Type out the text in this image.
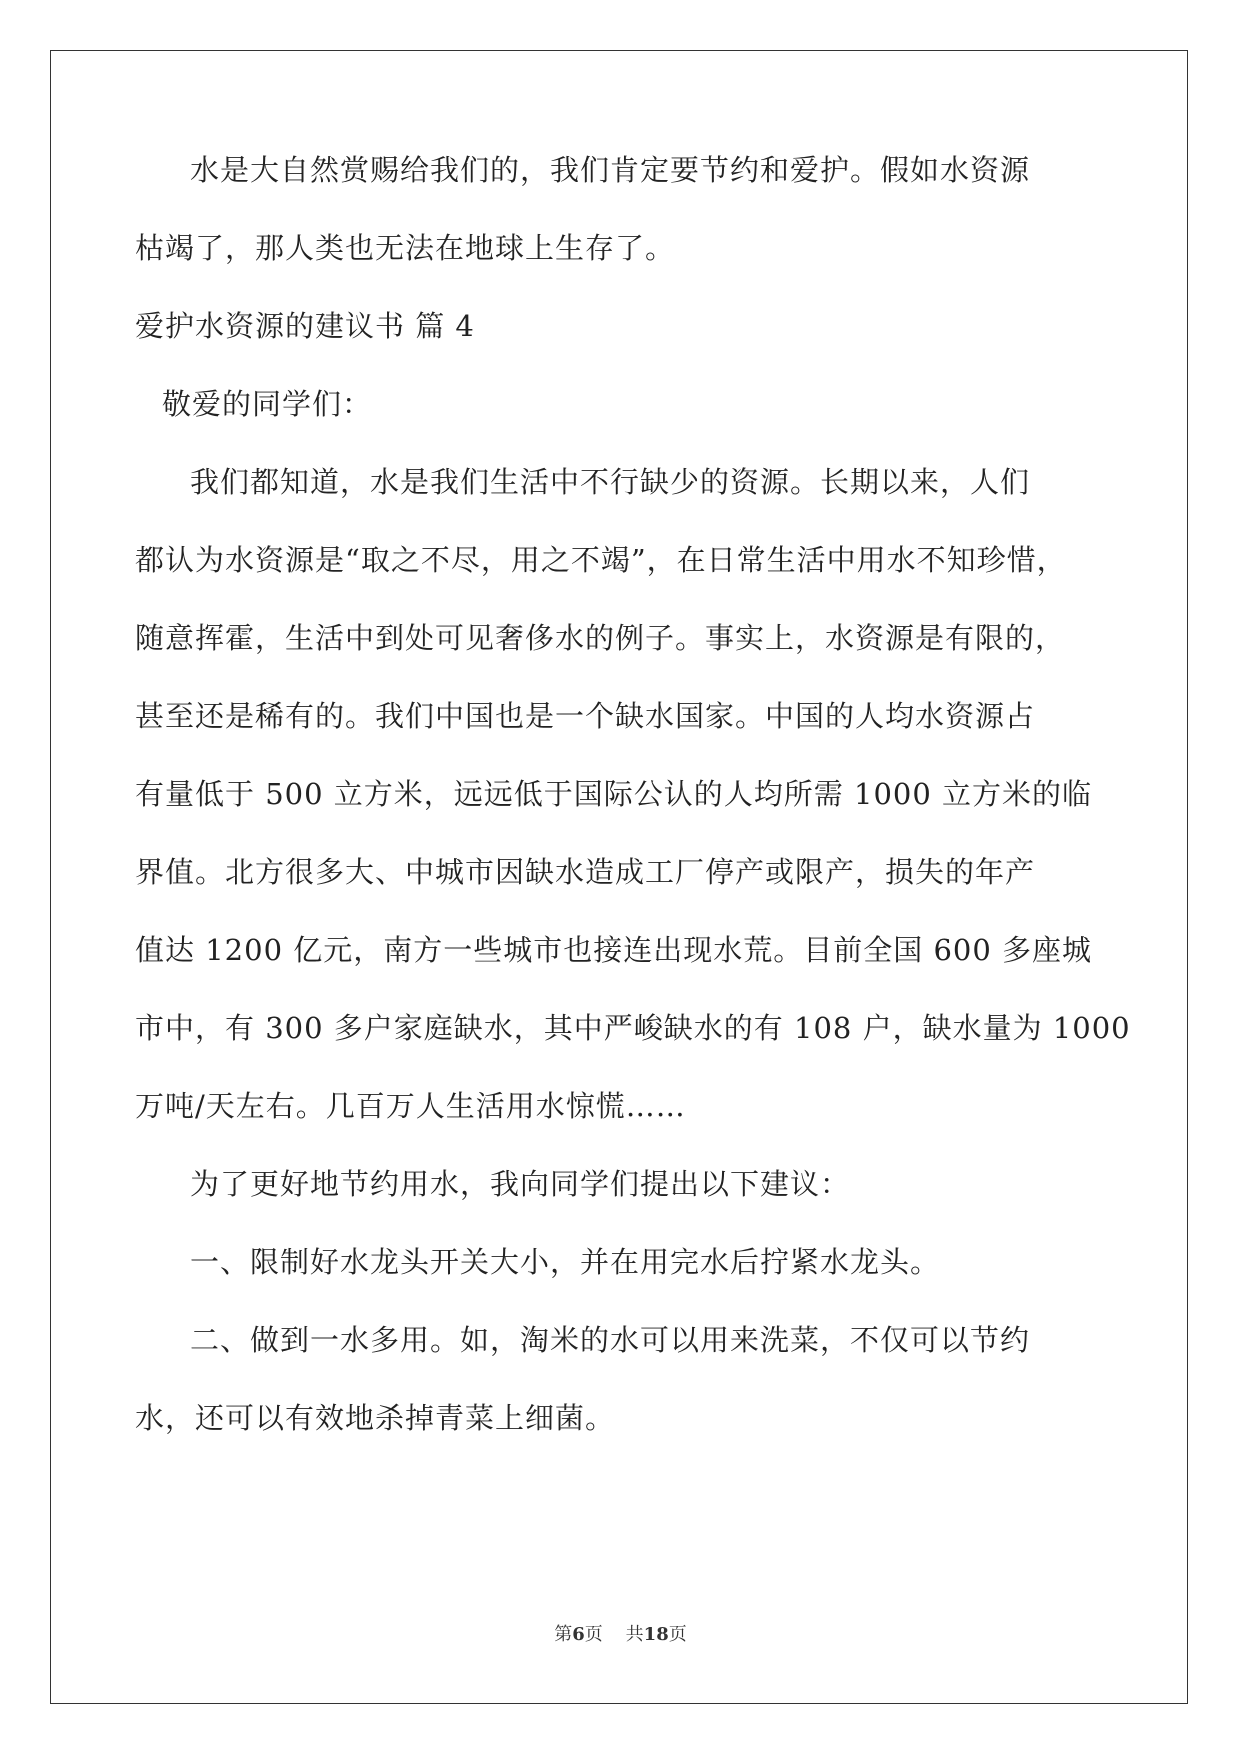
水是大自然赏赐给我们的，我们肯定要节约和爱护。假如水资源
枯竭了，那人类也无法在地球上生存了。
爱护水资源的建议书 篇 4
敬爱的同学们：
我们都知道，水是我们生活中不行缺少的资源。长期以来，人们
都认为水资源是“取之不尽，用之不竭”，在日常生活中用水不知珍惜，
随意挥霍，生活中到处可见奢侈水的例子。事实上，水资源是有限的，
甚至还是稀有的。我们中国也是一个缺水国家。中国的人均水资源占
有量低于 500 立方米，远远低于国际公认的人均所需 1000 立方米的临
界值。北方很多大、中城市因缺水造成工厂停产或限产，损失的年产
值达 1200 亿元，南方一些城市也接连出现水荒。目前全国 600 多座城
市中，有 300 多户家庭缺水，其中严峻缺水的有 108 户，缺水量为 1000
万吨/天左右。几百万人生活用水惊慌……
为了更好地节约用水，我向同学们提出以下建议：
一、限制好水龙头开关大小，并在用完水后拧紧水龙头。
二、做到一水多用。如，淘米的水可以用来洗菜，不仅可以节约
水，还可以有效地杀掉青菜上细菌。
第6页 共18页
